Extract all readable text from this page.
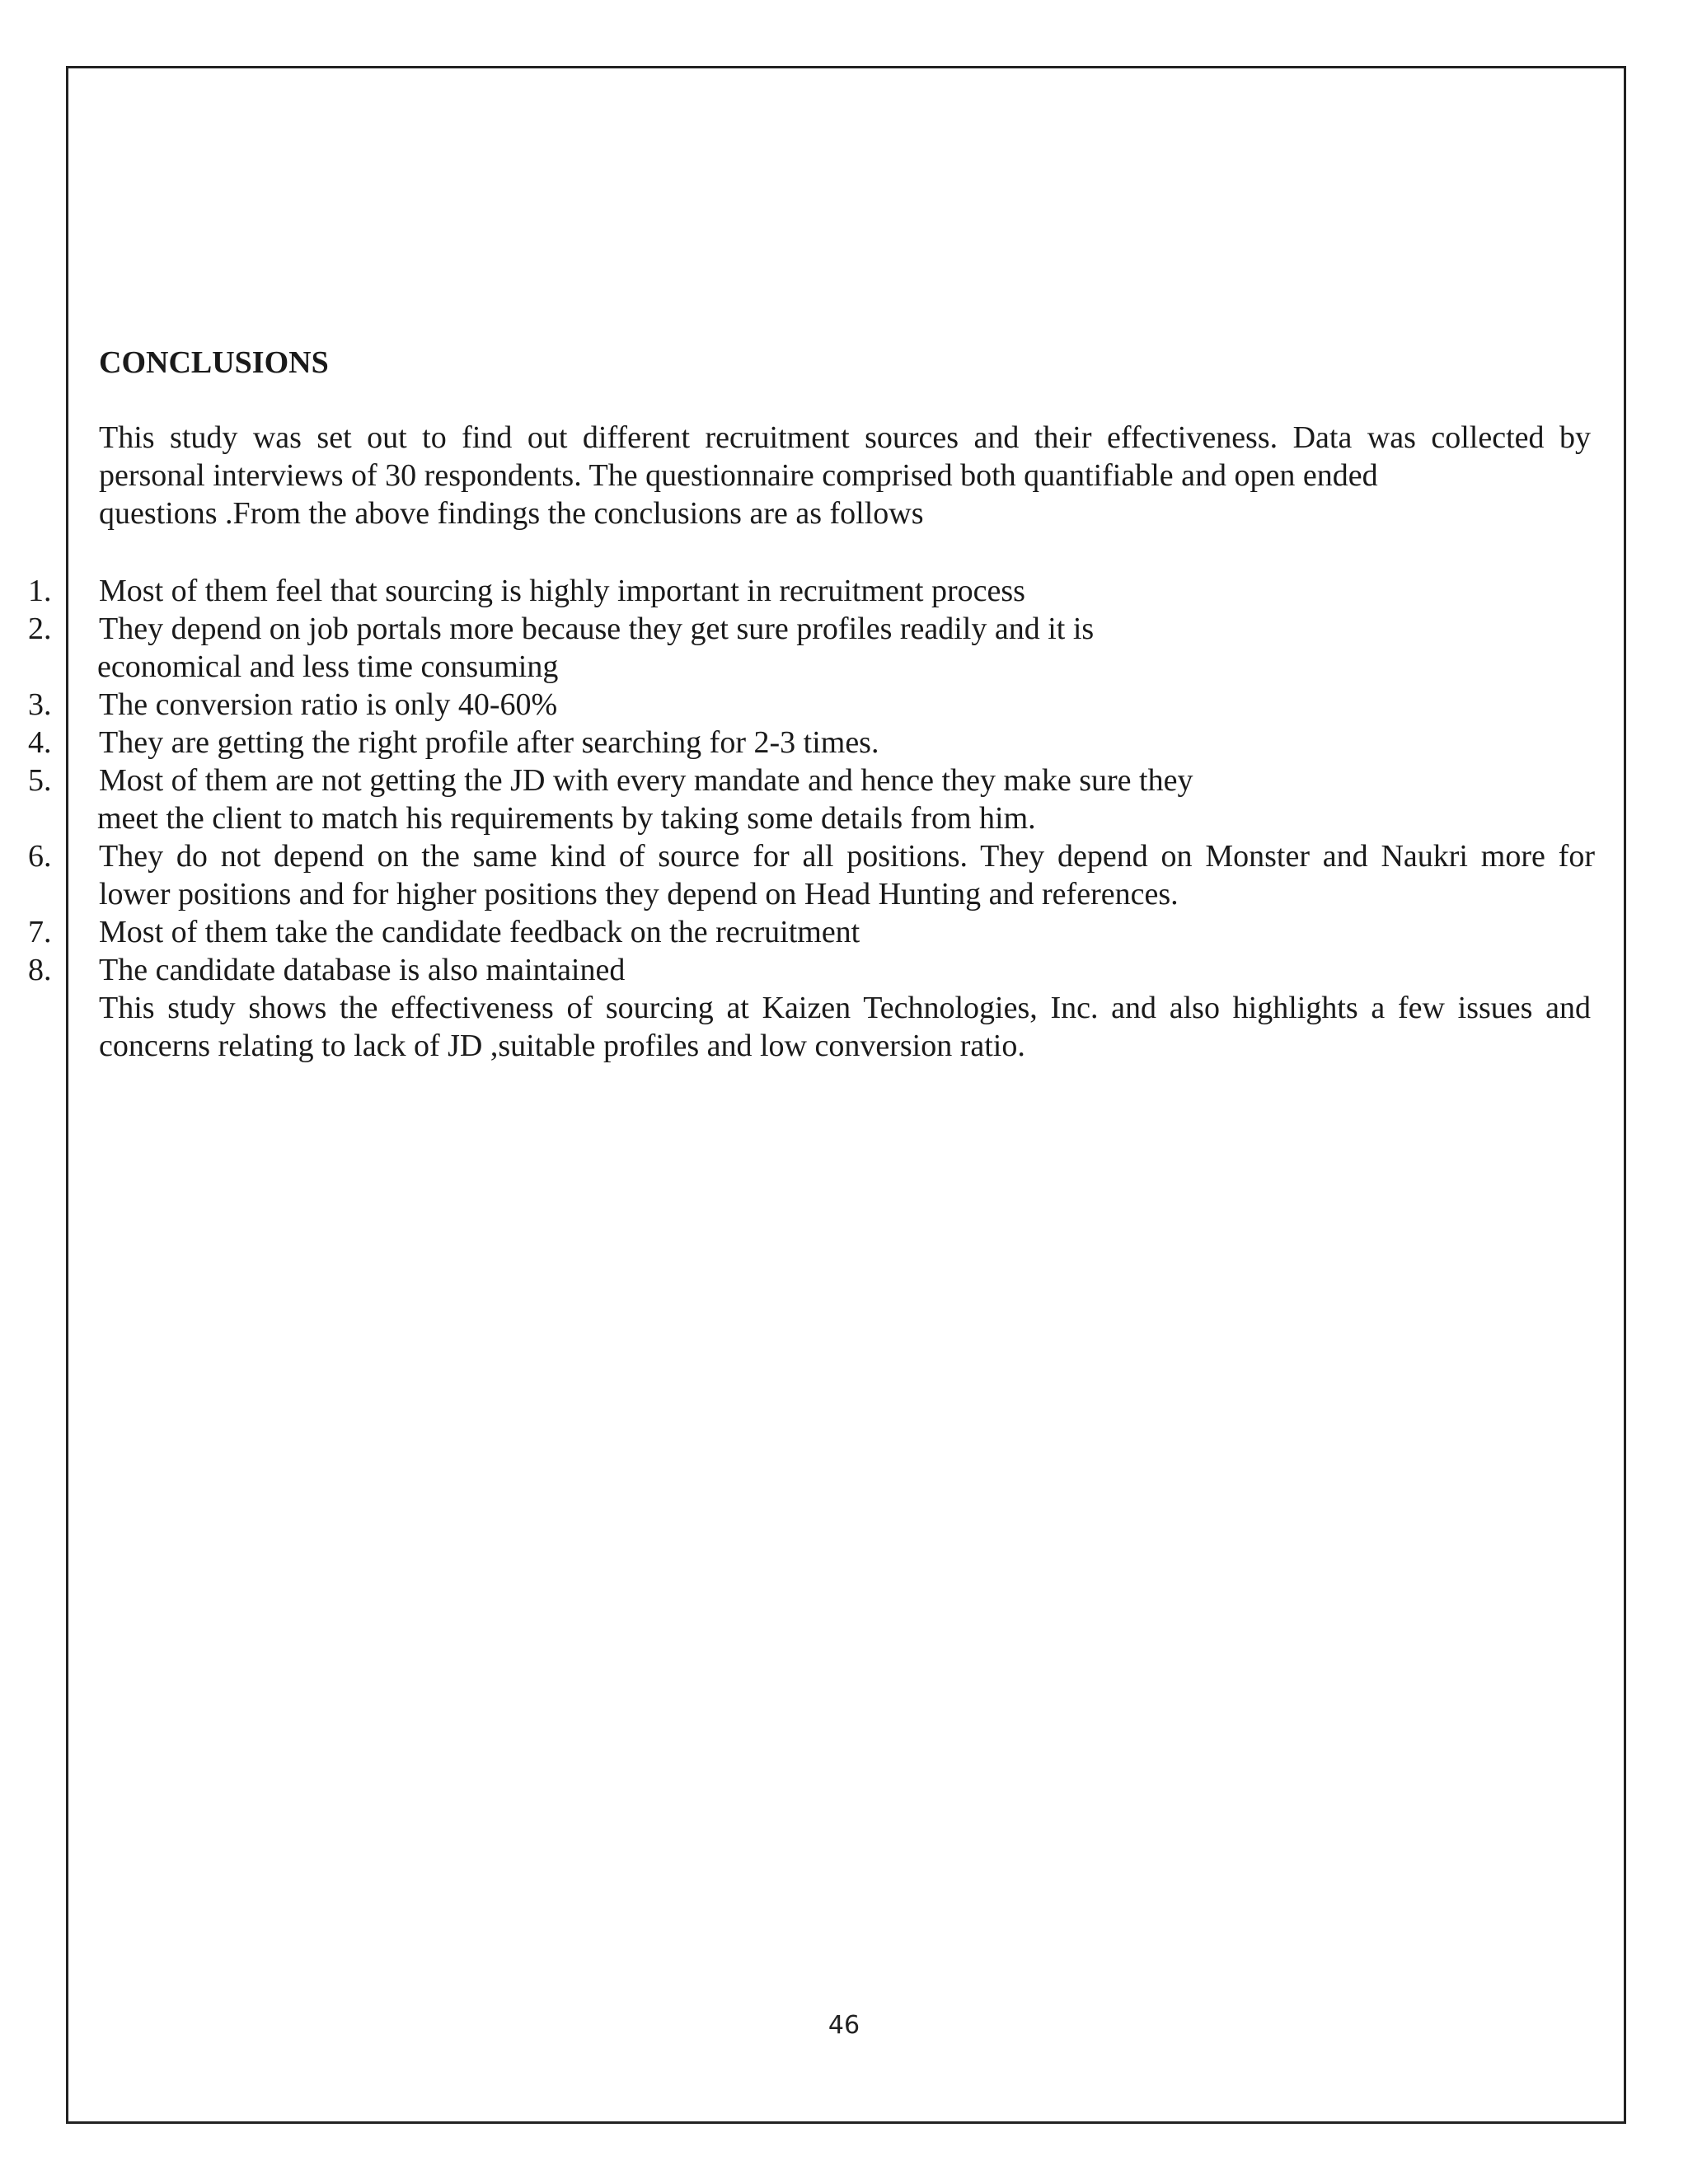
CONCLUSIONS

This study was set out to find out different recruitment sources and their effectiveness. Data was collected by
personal interviews of 30 respondents. The questionnaire comprised both quantifiable and open ended
questions .From the above findings the conclusions are as follows

1.	Most of them feel that sourcing is highly important in recruitment process
2.	They depend on job portals more because they get sure profiles readily and it is
economical and less time consuming
3.	The conversion ratio is only 40-60%
4.	They are getting the right profile after searching for 2-3 times.
5.	Most of them are not getting the JD with every mandate and hence they make sure they
meet the client to match his requirements by taking some details from him.
6.	They do not depend on the same kind of source for all positions. They depend on Monster and Naukri more for
lower positions and for higher positions they depend on Head Hunting and references.
7.	Most of them take the candidate feedback on the recruitment
8.	The candidate database is also maintained

This study shows the effectiveness of sourcing at Kaizen Technologies, Inc. and also highlights a few issues and
concerns relating to lack of JD ,suitable profiles and low conversion ratio.

46
